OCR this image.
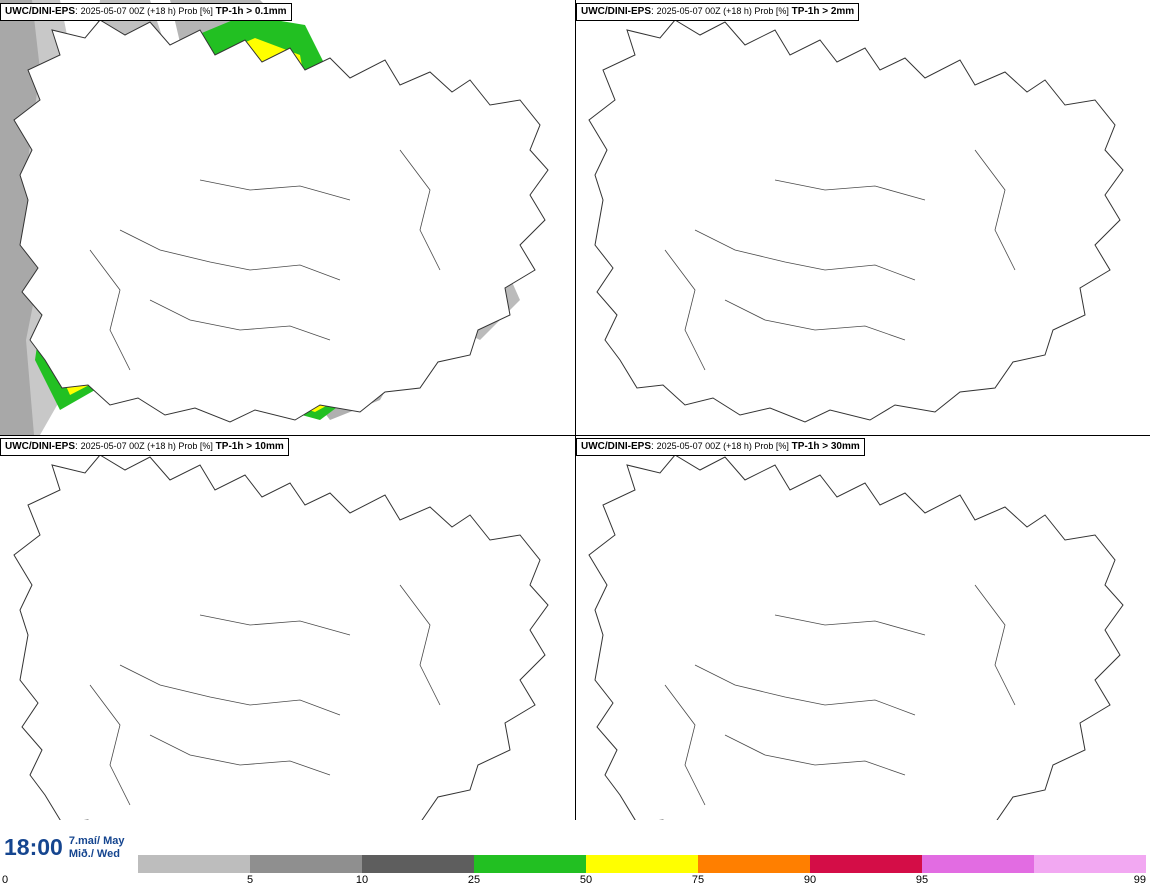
UWC/DINI-EPS: 2025-05-07 00Z (+18 h) Prob [%] TP-1h > 0.1mm	UWC/DINI-EPS: 2025-05-07 00Z (+18 h) Prob [%] TP-1h > 2mm
UWC/DINI-EPS: 2025-05-07 00Z (+18 h) Prob [%] TP-1h > 10mm	UWC/DINI-EPS: 2025-05-07 00Z (+18 h) Prob [%] TP-1h > 30mm
18:00 7.maí/ May
Mið./ Wed
0	5	10	25	50	75	90	95	99
